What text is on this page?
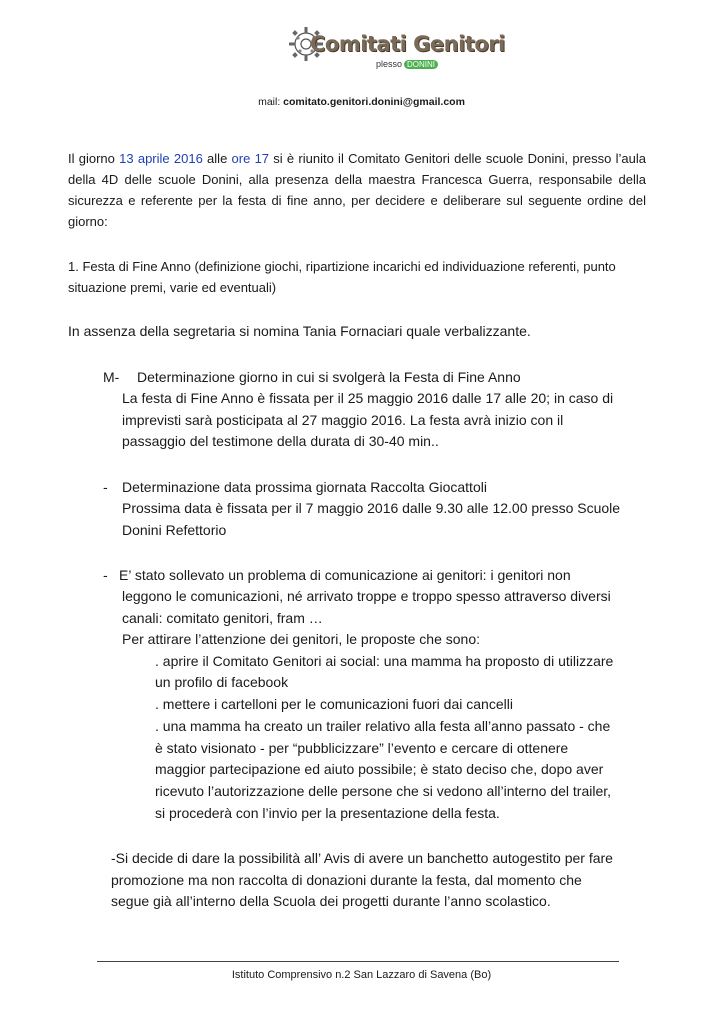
Comitati Genitori
plesso DONINI
mail: comitato.genitori.donini@gmail.com

Il giorno 13 aprile 2016 alle ore 17 si è riunito il Comitato Genitori delle scuole Donini, presso l’aula della 4D delle scuole Donini, alla presenza della maestra Francesca Guerra, responsabile della sicurezza e referente per la festa di fine anno, per decidere e deliberare sul seguente ordine del giorno:

1. Festa di Fine Anno (definizione giochi, ripartizione incarichi ed individuazione referenti, punto situazione premi, varie ed eventuali)

In assenza della segretaria si nomina Tania Fornaciari quale verbalizzante.

M- Determinazione giorno in cui si svolgerà la Festa di Fine Anno
La festa di Fine Anno è fissata per il 25 maggio 2016 dalle 17 alle 20; in caso di
imprevisti sarà posticipata al 27 maggio 2016. La festa avrà inizio con il
passaggio del testimone della durata di 30-40 min..
- Determinazione data prossima giornata Raccolta Giocattoli
Prossima data è fissata per il 7 maggio 2016 dalle 9.30 alle 12.00 presso Scuole
Donini Refettorio
- E’ stato sollevato un problema di comunicazione ai genitori: i genitori non
leggono le comunicazioni, né arrivato troppe e troppo spesso attraverso diversi
canali: comitato genitori, fram …
Per attirare l’attenzione dei genitori, le proposte che sono:
. aprire il Comitato Genitori ai social: una mamma ha proposto di utilizzare
un profilo di facebook
. mettere i cartelloni per le comunicazioni fuori dai cancelli
. una mamma ha creato un trailer relativo alla festa all’anno passato - che
è stato visionato - per “pubblicizzare” l’evento e cercare di ottenere
maggior partecipazione ed aiuto possibile; è stato deciso che, dopo aver
ricevuto l’autorizzazione delle persone che si vedono all’interno del trailer,
si procederà con l’invio per la presentazione della festa.
-Si decide di dare la possibilità all’ Avis di avere un banchetto autogestito per fare
promozione ma non raccolta di donazioni durante la festa, dal momento che
segue già all’interno della Scuola dei progetti durante l’anno scolastico.
Istituto Comprensivo n.2 San Lazzaro di Savena (Bo)
